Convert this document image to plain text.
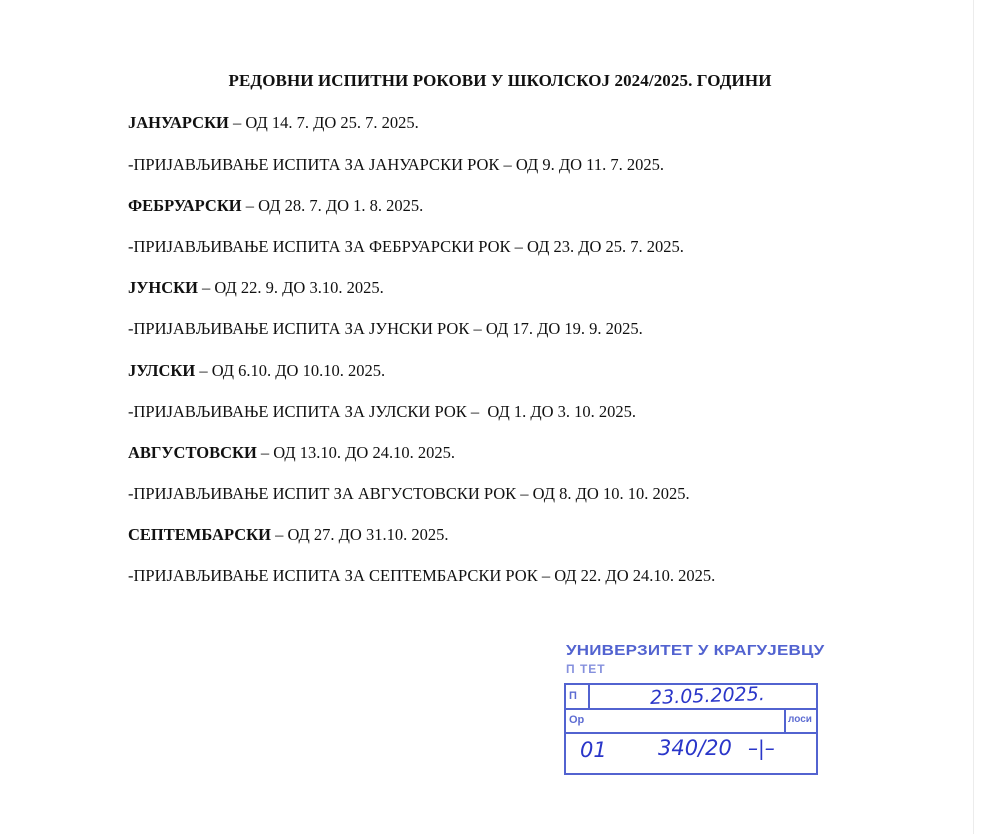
РЕДОВНИ ИСПИТНИ РОКОВИ У ШКОЛСКОЈ 2024/2025. ГОДИНИ
ЈАНУАРСКИ – ОД 14. 7. ДО 25. 7. 2025.
-ПРИЈАВЉИВАЊЕ ИСПИТА ЗА ЈАНУАРСКИ РОК – ОД 9. ДО 11. 7. 2025.
ФЕБРУАРСКИ – ОД 28. 7. ДО 1. 8. 2025.
-ПРИЈАВЉИВАЊЕ ИСПИТА ЗА ФЕБРУАРСКИ РОК – ОД 23. ДО 25. 7. 2025.
ЈУНСКИ – ОД 22. 9. ДО 3.10. 2025.
-ПРИЈАВЉИВАЊЕ ИСПИТА ЗА ЈУНСКИ РОК – ОД 17. ДО 19. 9. 2025.
ЈУЛСКИ – ОД 6.10. ДО 10.10. 2025.
-ПРИЈАВЉИВАЊЕ ИСПИТА ЗА ЈУЛСКИ РОК –  ОД 1. ДО 3. 10. 2025.
АВГУСТОВСКИ – ОД 13.10. ДО 24.10. 2025.
-ПРИЈАВЉИВАЊЕ ИСПИТ ЗА АВГУСТОВСКИ РОК – ОД 8. ДО 10. 10. 2025.
СЕПТЕМБАРСКИ – ОД 27. ДО 31.10. 2025.
-ПРИЈАВЉИВАЊЕ ИСПИТА ЗА СЕПТЕМБАРСКИ РОК – ОД 22. ДО 24.10. 2025.
УНИВЕРЗИТЕТ У КРАГУЈЕВЦУ
П ТЕТ
П
Ор	лоси
23.05.2025.
01 340/20 –|–
